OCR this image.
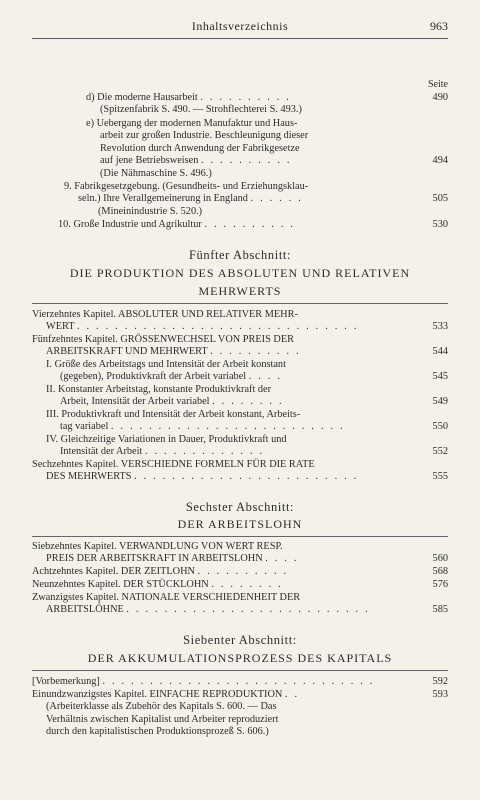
Inhaltsverzeichnis	963
Seite
d) Die moderne Hausarbeit . . . . . . . . . .	490
(Spitzenfabrik S. 490. — Strohflechterei S. 493.)
e) Uebergang der modernen Manufaktur und Haus-
arbeit zur großen Industrie. Beschleunigung dieser
Revolution durch Anwendung der Fabrikgesetze
auf jene Betriebsweisen . . . . . . . . . .	494
(Die Nähmaschine S. 496.)
9. Fabrikgesetzgebung. (Gesundheits- und Erziehungsklau-
seln.) Ihre Verallgemeinerung in England . . . . . .	505
(Mineinindustrie S. 520.)
10. Große Industrie und Agrikultur . . . . . . . . . .	530
Fünfter Abschnitt:
DIE PRODUKTION DES ABSOLUTEN UND RELATIVEN
MEHRWERTS
Vierzehntes Kapitel. ABSOLUTER UND RELATIVER MEHR-
WERT . . . . . . . . . . . . . . . . . . . . . . . . . . . . . .	533
Fünfzehntes Kapitel. GRÖSSENWECHSEL VON PREIS DER
ARBEITSKRAFT UND MEHRWERT . . . . . . . . . .	544
I. Größe des Arbeitstags und Intensität der Arbeit konstant
(gegeben), Produktivkraft der Arbeit variabel . . . .	545
II. Konstanter Arbeitstag, konstante Produktivkraft der
Arbeit, Intensität der Arbeit variabel . . . . . . . .	549
III. Produktivkraft und Intensität der Arbeit konstant, Arbeits-
tag variabel . . . . . . . . . . . . . . . . . . . . . . . . .	550
IV. Gleichzeitige Variationen in Dauer, Produktivkraft und
Intensität der Arbeit . . . . . . . . . . . . .	552
Sechzehntes Kapitel. VERSCHIEDNE FORMELN FÜR DIE RATE
DES MEHRWERTS . . . . . . . . . . . . . . . . . . . . . . . .	555
Sechster Abschnitt:
DER ARBEITSLOHN
Siebzehntes Kapitel. VERWANDLUNG VON WERT RESP.
PREIS DER ARBEITSKRAFT IN ARBEITSLOHN . . . .	560
Achtzehntes Kapitel. DER ZEITLOHN . . . . . . . . . .	568
Neunzehntes Kapitel. DER STÜCKLOHN . . . . . . . .	576
Zwanzigstes Kapitel. NATIONALE VERSCHIEDENHEIT DER
ARBEITSLÖHNE . . . . . . . . . . . . . . . . . . . . . . . . . .	585
Siebenter Abschnitt:
DER AKKUMULATIONSPROZESS DES KAPITALS
[Vorbemerkung] . . . . . . . . . . . . . . . . . . . . . . . . . . . . .	592
Einundzwanzigstes Kapitel. EINFACHE REPRODUKTION . .	593
(Arbeiterklasse als Zubehör des Kapitals S. 600. — Das
Verhältnis zwischen Kapitalist und Arbeiter reproduziert
durch den kapitalistischen Produktionsprozeß S. 606.)
